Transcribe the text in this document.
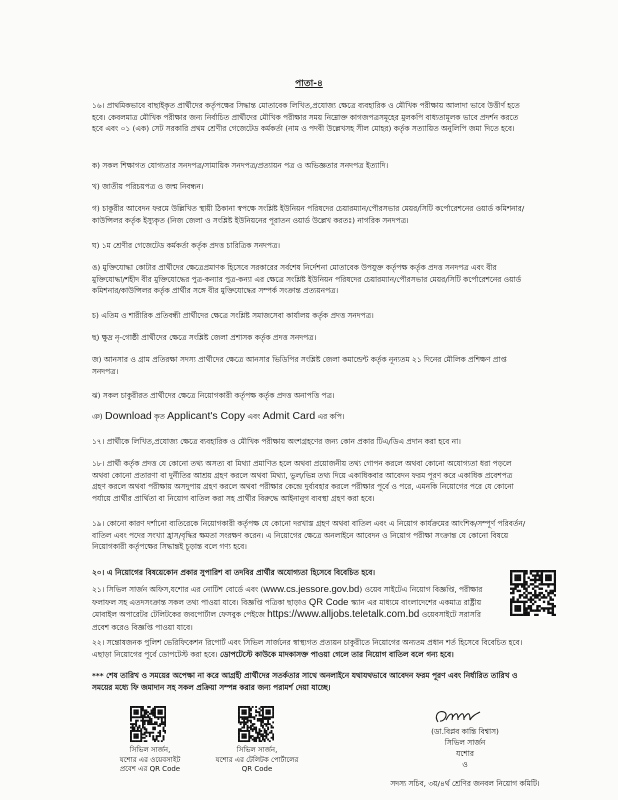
পাতা-৪
১৬। প্রাথমিকভাবে বাছাইকৃত প্রার্থীদের কর্তৃপক্ষের সিদ্ধান্ত মোতাবেক লিখিত,প্রযোজ্য ক্ষেত্রে ব্যবহারিক ও মৌখিক পরীক্ষায় আলাদা ভাবে উত্তীর্ণ হতে হবে। কেবলমাত্র মৌখিক পরীক্ষার জন্য নির্বাচিত প্রার্থীদের মৌখিক পরীক্ষার সময় নিম্নোক্ত কাগজপত্রসমূহের মুলকপি বাধ্যতামূলক ভাবে প্রদর্শন করতে হবে এবং ০১ (এক) সেট সরকারি প্রথম শ্রেণীর গেজেটেড কর্মকর্তা (নাম ও পদবী উল্লেখসহ সীল মোহর) কর্তৃক সত্যায়িত অনুলিপি জমা দিতে হবে।
ক) সকল শিক্ষাগত যোগ্যতার সনদপত্র/সামায়িক সনদপত্র/প্রত্যায়ন পত্র ও অভিজ্ঞতার সনদপত্র ইত্যাদি।
খ) জাতীয় পরিচয়পত্র ও জন্ম নিবন্ধন।
গ) চাকুরীর আবেদন ফরমে উল্লিখিত স্থায়ী ঠিকানা স্বপক্ষে সংশ্লিষ্ট ইউনিয়ন পরিষদের চেয়ারম্যান/পৌরসভার মেয়র/সিটি কর্পোরেশনের ওয়ার্ড কমিশনার/কাউন্সিলর কর্তৃক ইস্যুকৃত (নিজ জেলা ও সংশ্লিষ্ট ইউনিয়নের পূরাতন ওয়ার্ড উল্লেখ করতঃ) নাগরিক সনদপত্র।
ঘ) ১ম শ্রেণীর গেজেটেড কর্মকর্তা কর্তৃক প্রদত্ত চারিত্রিক সনদপত্র।
ঙ) মুক্তিযোদ্ধা কোটার প্রার্থীদের ক্ষেত্রেপ্রমাণক হিসেবে সরকারের সর্বশেষ নির্দেশনা মোতাবেক উপযুক্ত কর্তৃপক্ষ কর্তৃক প্রদত্ত সনদপত্র এবং বীর মুক্তিযোদ্ধা/শহীদ বীর মুক্তিযোদ্ধের পুত্র-কন্যার পুত্র-কন্যা এর ক্ষেত্রে সংশ্লিষ্ট ইউনিয়ন পরিষদের চেয়ারম্যান/পৌরসভার মেয়র/সিটি কর্পোরেশনের ওয়ার্ড কমিশনার/কাউন্সিলর কর্তৃক প্রার্থীর সঙ্গে বীর মুক্তিযোদ্ধের সম্পর্ক সংক্রান্ত প্রত্যয়নপত্র।
চ) এতিম ও শারীরিক প্রতিবন্ধী প্রার্থীদের ক্ষেত্রে সংশ্লিষ্ট সমাজসেবা কার্যালয় কর্তৃক প্রদত্ত সনদপত্র।
ছ) ক্ষুদ্র নৃ-গোষ্ঠী প্রার্থীদের ক্ষেত্রে সংশ্লিষ্ট জেলা প্রশাসক কর্তৃক প্রদত্ত সনদপত্র।
জ) আনসার ও গ্রাম প্রতিরক্ষা সদস্য প্রার্থীদের ক্ষেত্রে আনসার ভিডিপির সংশ্লিষ্ট জেলা কমান্ডেন্ট কর্তৃক নূন্যতম ২১ দিনের মৌলিক প্রশিক্ষণ প্রাপ্ত সনদপত্র।
ঝ) সকল চাকুরীরত প্রার্থীদের ক্ষেত্রে নিয়োগকারী কর্তৃপক্ষ কর্তৃক প্রদত্ত অনাপত্তি পত্র।
ঞ) Download কৃত Applicant's Copy এবং Admit Card এর কপি।
১৭। প্রার্থীকে লিখিত,প্রযোজ্য ক্ষেত্রে ব্যবহারিক ও মৌখিক পরীক্ষায় অংশগ্রহণের জন্য কোন প্রকার টিএ/ডিএ প্রদান করা হবে না।
১৮। প্রার্থী কর্তৃক প্রদত্ত যে কোনো তথ্য অসত্য বা মিথ্যা প্রমাণিত হলে অথবা প্রয়োজনীয় তথ্য গোপন করলে অথবা কোনো অযোগ্যতা ধরা পড়লে অথবা কোনো প্রতারণা বা দুর্নীতির আশ্রয় গ্রহণ করলে অথবা মিথ্যা, ভুল/ভিন্ন তথ্য দিয়ে একাধিকবার আবেদন ফরম পূরণ করে একাধিক প্রবেশপত্র গ্রহণ করলে অথবা পরীক্ষায় অসদুপায় গ্রহণ করলে অথবা পরীক্ষার কেন্দ্রে দুর্ব্যবহার করলে পরীক্ষার পূর্বে ও পরে, এমনকি নিয়োগের পরে যে কোনো পর্যায়ে প্রার্থীর প্রার্থিতা বা নিয়োগ বাতিল করা সহ প্রার্থীর বিরুদ্ধে আইনানুগ ব্যবস্থা গ্রহণ করা হবে।
১৯। কোনো কারণ দর্শানো ব্যতিরেকে নিয়োগকারী কর্তৃপক্ষ যে কোনো দরখাস্ত গ্রহণ অথবা বাতিল এবং এ নিয়োগ কার্যক্রমের আংশিক/সম্পূর্ণ পরিবর্তন/বাতিল এবং পদের সংখ্যা হ্রাস/বৃদ্ধির ক্ষমতা সংরক্ষণ করেন। এ নিয়োগের ক্ষেত্রে অনলাইনে আবেদন ও নিয়োগ পরীক্ষা সংক্রান্ত যে কোনো বিষয়ে নিয়োগকারী কর্তৃপক্ষের সিদ্ধান্তই চূড়ান্ত বলে গণ্য হবে।
২০। এ নিয়োগের বিষয়েকোন প্রকার সুপারিশ বা তদবির প্রার্থীর অযোগ্যতা হিসেবে বিবেচিত হবে।
২১। সিভিল সার্জন অফিস,যশোর এর নোটিশ বোর্ডে এবং (www.cs.jessore.gov.bd) ওয়েব সাইটেএ নিয়োগ বিজ্ঞপ্তি, পরীক্ষার ফলাফল সহ এতদসংক্রান্ত সকল তথ্য পাওয়া যাবে। বিজ্ঞপ্তি পত্রিকা ছাড়াও QR Code স্ক্যান এর মাধ্যমে বাংলাদেশের একমাত্র রাষ্ট্রীয় মোবাইল অপারেটর টেলিটকের জবপোর্টাল ফেসবুক পেইজে https://www.alljobs.teletalk.com.bd ওয়েবসাইটে সরাসরি প্রবেশ করেও বিজ্ঞপ্তি পাওয়া যাবে।
২২। সন্তোষজনক পুলিশ ভেরিফিকেশন রিপোর্ট এবং সিভিল সার্জনের স্বাস্থ্যগত প্রত্যয়ন চাকুরীতে নিয়োগের অন্যতম প্রধান শর্ত হিসেবে বিবেচিত হবে। এছাড়া নিয়োগের পূর্বে ডোপটেস্ট করা হবে। ডোপটেস্টে কাউকে মাদকাসক্ত পাওয়া গেলে তার নিয়োগ বাতিল বলে গন্য হবে।
*** শেষ তারিখ ও সময়ের অপেক্ষা না করে আগ্রহী প্রার্থীদের সতর্কতার সাথে অনলাইনে যথাযথভাবে আবেদন ফরম পূরণ এবং নির্ধারিত তারিখ ও সময়ের মধ্যে ফি জমাদান সহ সকল প্রক্রিয়া সম্পন্ন করার জন্য পরামর্শ দেয়া যাচ্ছে।
সিভিল সার্জন,
যশোর এর ওয়েবসাইট
প্রবেশ এর QR Code
সিভিল সার্জন,
যশোর এর টেলিটক পোর্টালের
QR Code
(ডা.বিপ্লব কান্তি বিশ্বাস)
সিভিল সার্জন
যশোর
ও
সদস্য সচিব, ৩য়/৪র্থ শ্রেণির জনবল নিয়োগ কমিটি।
